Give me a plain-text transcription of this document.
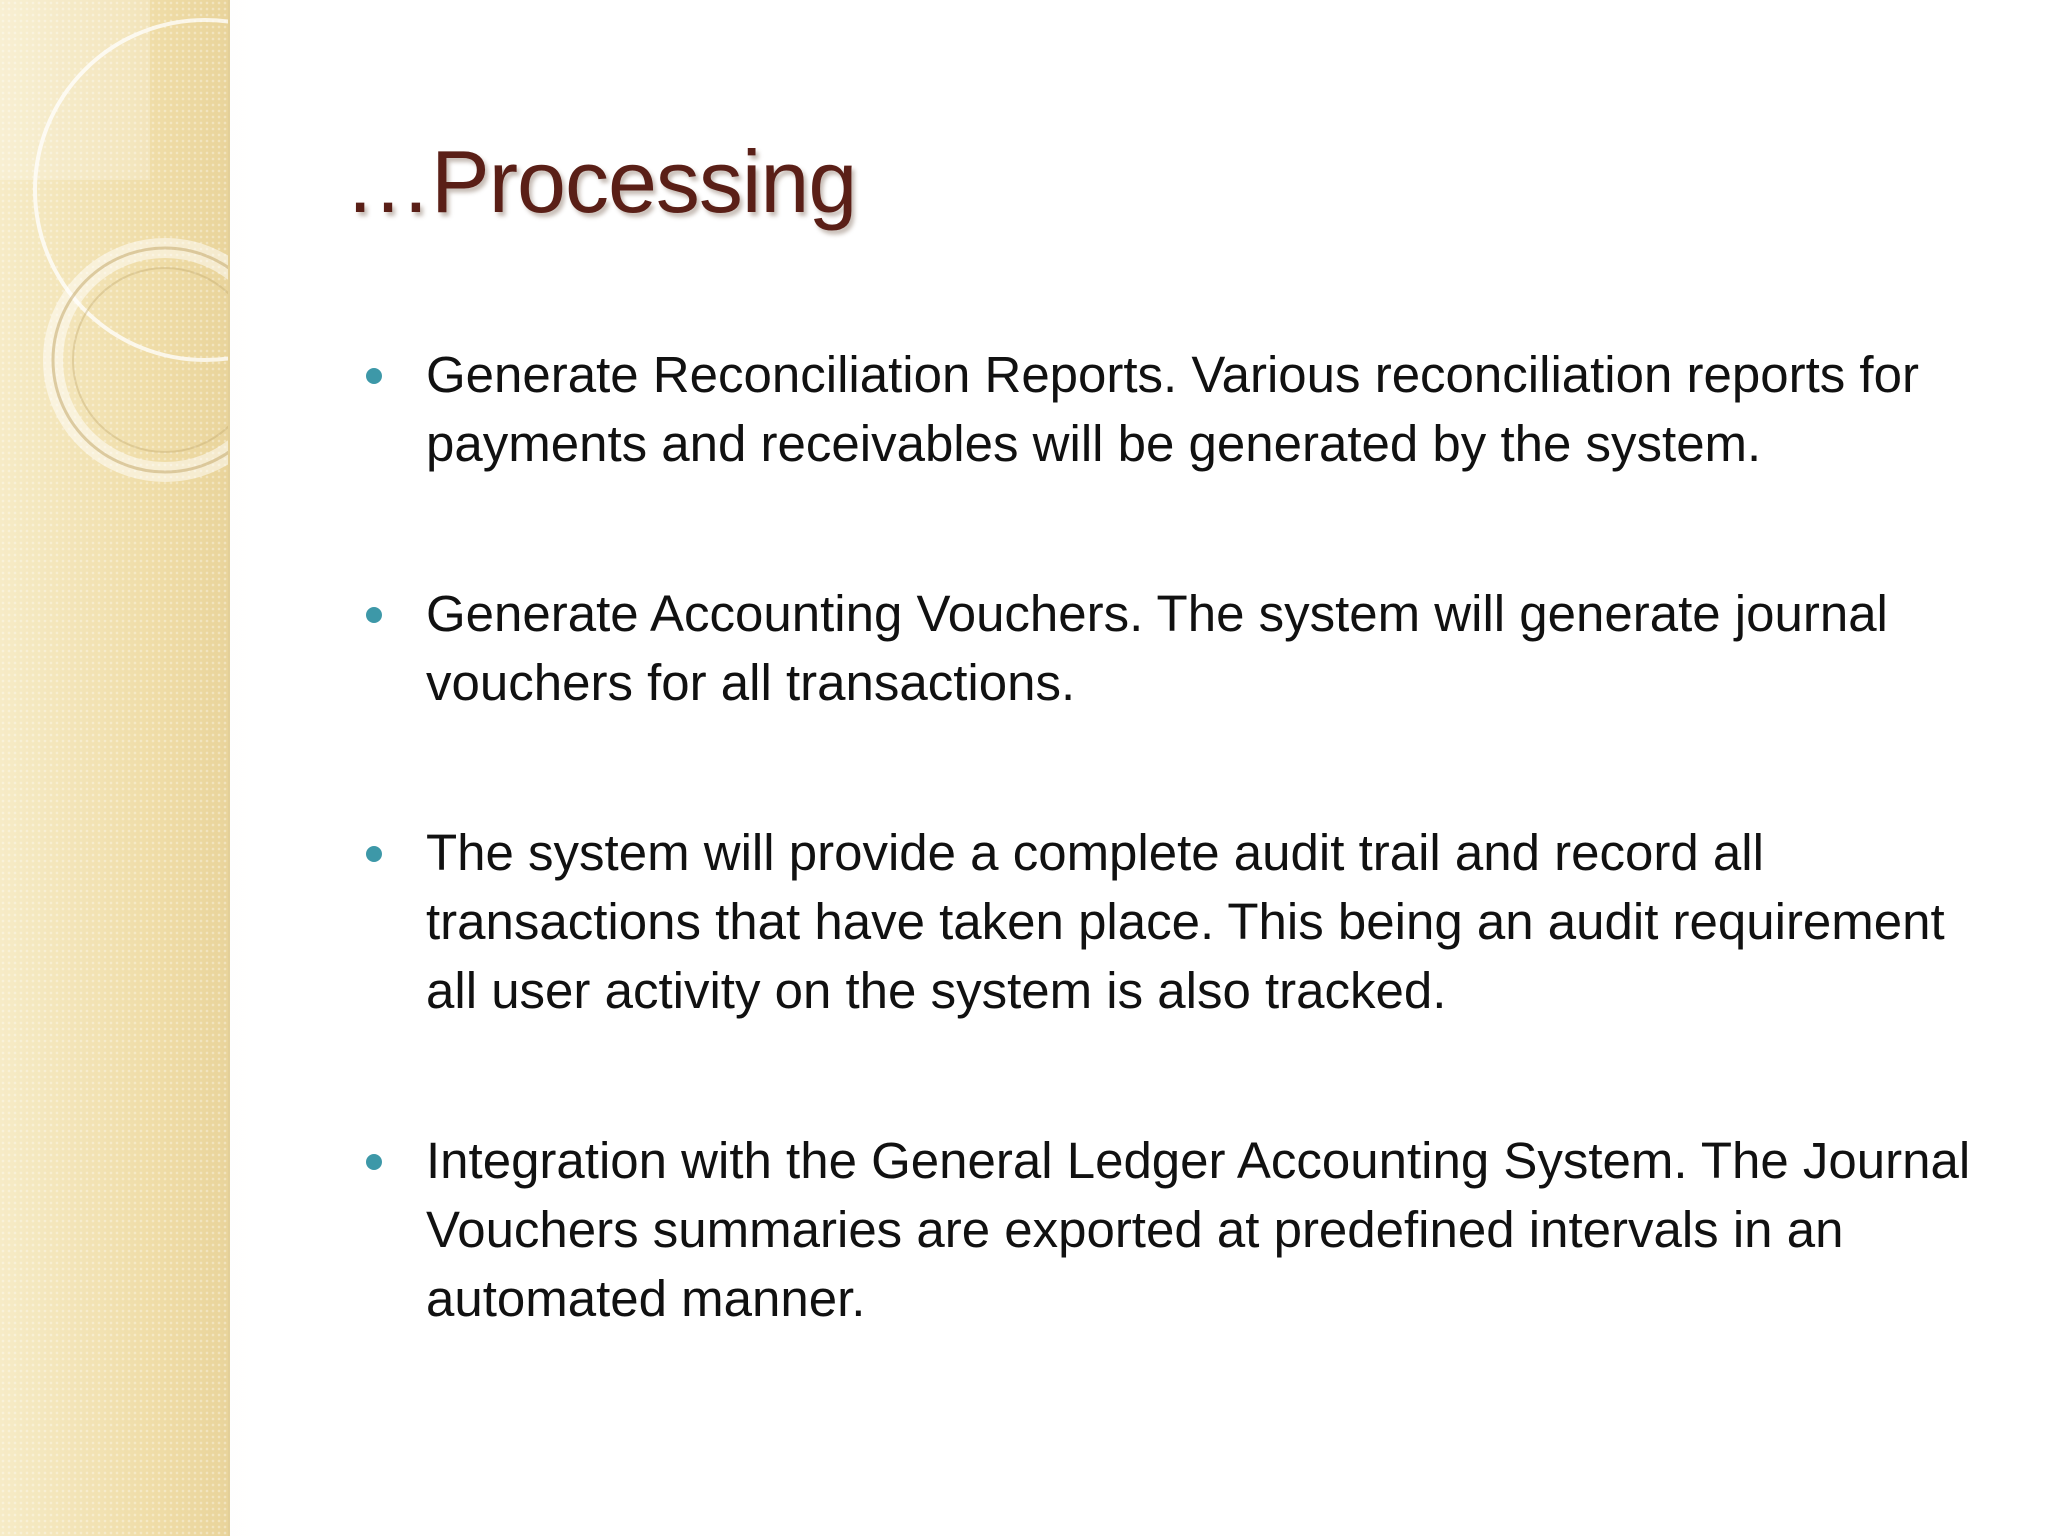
…Processing
Generate Reconciliation Reports. Various reconciliation reports for payments and receivables will be generated by the system.
Generate Accounting Vouchers. The system will generate journal vouchers for all transactions.
The system will provide a complete audit trail and record all transactions that have taken place. This being an audit requirement all user activity on the system is also tracked.
Integration with the General Ledger Accounting System. The Journal Vouchers summaries are exported at predefined intervals in an automated manner.
